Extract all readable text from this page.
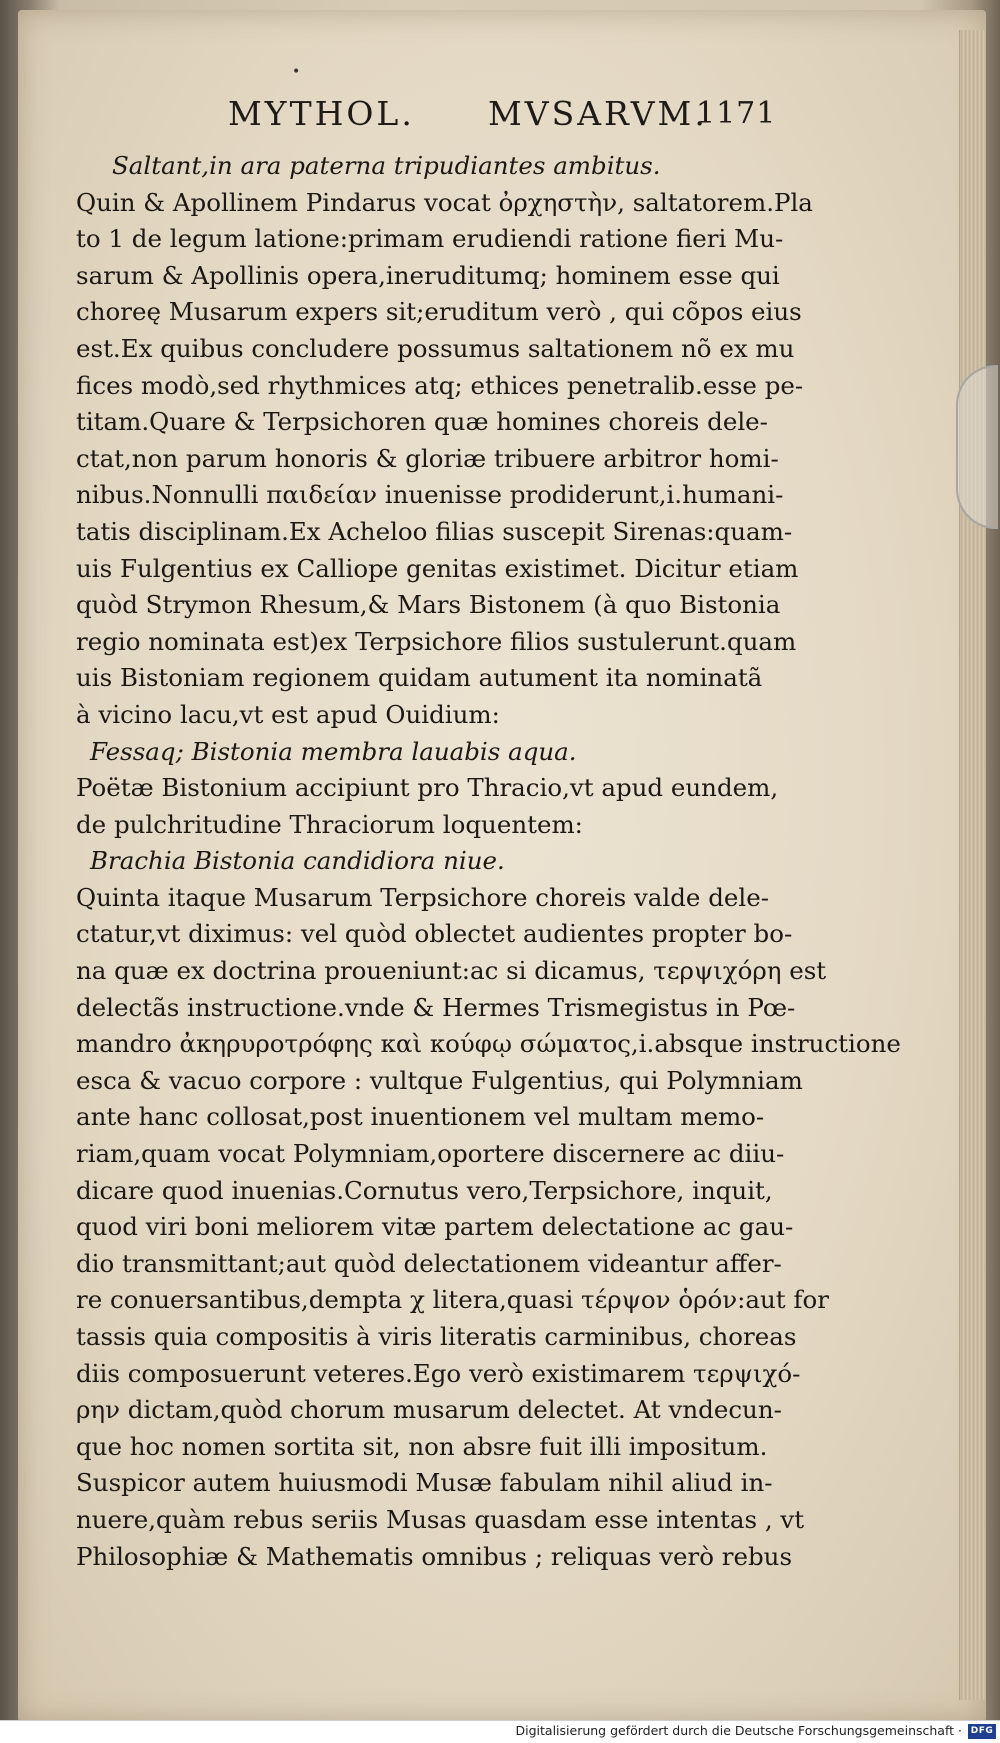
•
MYTHOL. MVSARVM.
1171
Saltant,in ara paterna tripudiantes ambitus.
Quin & Apollinem Pindarus vocat ὀρχηστὴν, saltatorem.Pla
to 1 de legum latione:primam erudiendi ratione fieri Mu-
sarum & Apollinis opera,ineruditumq; hominem esse qui
choreę Musarum expers sit;eruditum verò , qui cõpos eius
est.Ex quibus concludere possumus saltationem nõ ex mu
fices modò,sed rhythmices atq; ethices penetralib.esse pe-
titam.Quare & Terpsichoren quæ homines choreis dele-
ctat,non parum honoris & gloriæ tribuere arbitror homi-
nibus.Nonnulli παιδείαν inuenisse prodiderunt,i.humani-
tatis disciplinam.Ex Acheloo filias suscepit Sirenas:quam-
uis Fulgentius ex Calliope genitas existimet. Dicitur etiam
quòd Strymon Rhesum,& Mars Bistonem (à quo Bistonia
regio nominata est)ex Terpsichore filios sustulerunt.quam
uis Bistoniam regionem quidam autument ita nominatã
à vicino lacu,vt est apud Ouidium:
Fessaq; Bistonia membra lauabis aqua.
Poëtæ Bistonium accipiunt pro Thracio,vt apud eundem,
de pulchritudine Thraciorum loquentem:
Brachia Bistonia candidiora niue.
Quinta itaque Musarum Terpsichore choreis valde dele-
ctatur,vt diximus: vel quòd oblectet audientes propter bo-
na quæ ex doctrina proueniunt:ac si dicamus, τερψιχόρη est
delectãs instructione.vnde & Hermes Trismegistus in Pœ-
mandro ἀκηρυροτρόφης καὶ κούφῳ σώματος,i.absque instructione
esca & vacuo corpore : vultque Fulgentius, qui Polymniam
ante hanc collosat,post inuentionem vel multam memo-
riam,quam vocat Polymniam,oportere discernere ac diiu-
dicare quod inuenias.Cornutus vero,Terpsichore, inquit,
quod viri boni meliorem vitæ partem delectatione ac gau-
dio transmittant;aut quòd delectationem videantur affer-
re conuersantibus,dempta χ litera,quasi τέρψον ὁρόν:aut for
tassis quia compositis à viris literatis carminibus, choreas
diis composuerunt veteres.Ego verò existimarem τερψιχό-
ρην dictam,quòd chorum musarum delectet. At vndecun-
que hoc nomen sortita sit, non absre fuit illi impositum.
Suspicor autem huiusmodi Musæ fabulam nihil aliud in-
nuere,quàm rebus seriis Musas quasdam esse intentas , vt
Philosophiæ & Mathematis omnibus ; reliquas verò rebus
Digitalisierung gefördert durch die Deutsche Forschungsgemeinschaft · DFG
